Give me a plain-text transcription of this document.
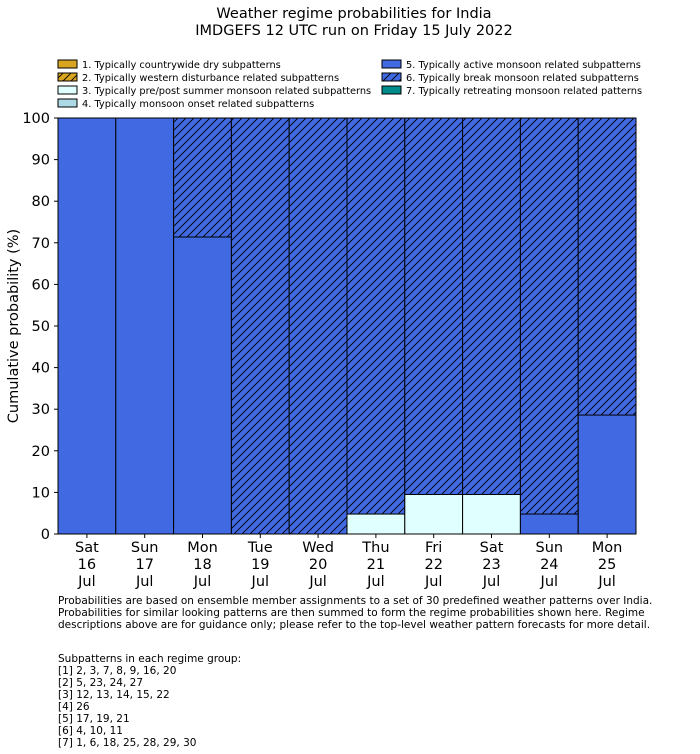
Weather regime probabilities for India
IMDGEFS 12 UTC run on Friday 15 July 2022
1. Typically countrywide dry subpatterns
2. Typically western disturbance related subpatterns
3. Typically pre/post summer monsoon related subpatterns
4. Typically monsoon onset related subpatterns
5. Typically active monsoon related subpatterns
6. Typically break monsoon related subpatterns
7. Typically retreating monsoon related patterns
0
10
20
30
40
50
60
70
80
90
100
Sat
16
Jul
Sun
17
Jul
Mon
18
Jul
Tue
19
Jul
Wed
20
Jul
Thu
21
Jul
Fri
22
Jul
Sat
23
Jul
Sun
24
Jul
Mon
25
Jul
Cumulative probability (%)

Probabilities are based on ensemble member assignments to a set of 30 predefined weather patterns over India.

Probabilities for similar looking patterns are then summed to form the regime probabilities shown here. Regime

descriptions above are for guidance only; please refer to the top-level weather pattern forecasts for more detail.

Subpatterns in each regime group:

[1] 2, 3, 7, 8, 9, 16, 20

[2] 5, 23, 24, 27

[3] 12, 13, 14, 15, 22

[4] 26

[5] 17, 19, 21

[6] 4, 10, 11

[7] 1, 6, 18, 25, 28, 29, 30
